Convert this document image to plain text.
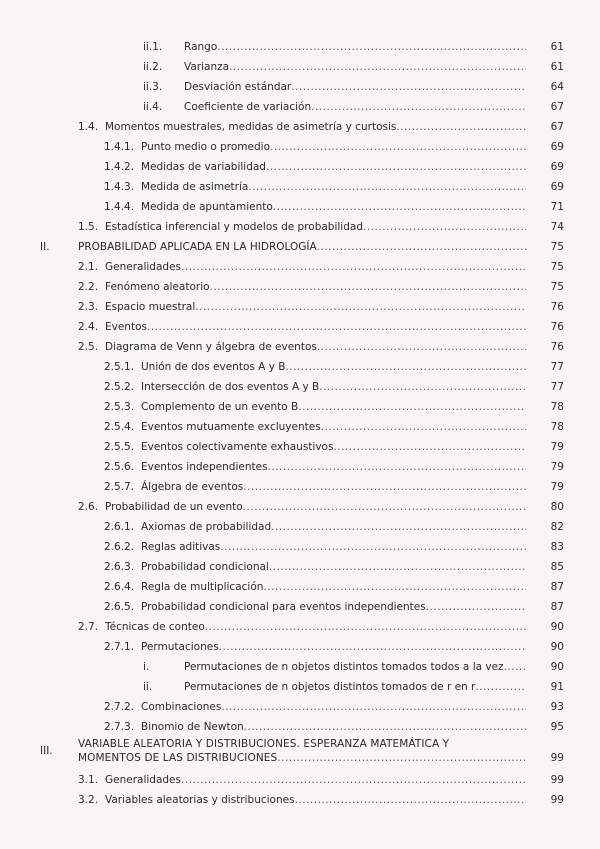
ii.1. Rango .....	61
ii.2. Varianza .....	61
ii.3. Desviación estándar .....	64
ii.4. Coeficiente de variación .....	67
1.4. Momentos muestrales, medidas de asimetría y curtosis .....	67
1.4.1. Punto medio o promedio .....	69
1.4.2. Medidas de variabilidad .....	69
1.4.3. Medida de asimetría .....	69
1.4.4. Medida de apuntamiento .....	71
1.5. Estadística inferencial y modelos de probabilidad .....	74
II.	PROBABILIDAD APLICADA EN LA HIDROLOGÍA .....	75
2.1. Generalidades .....	75
2.2. Fenómeno aleatorio .....	75
2.3. Espacio muestral .....	76
2.4. Eventos .....	76
2.5. Diagrama de Venn y álgebra de eventos .....	76
2.5.1. Unión de dos eventos A y B .....	77
2.5.2. Intersección de dos eventos A y B .....	77
2.5.3. Complemento de un evento B .....	78
2.5.4. Eventos mutuamente excluyentes .....	78
2.5.5. Eventos colectivamente exhaustivos .....	79
2.5.6. Eventos independientes .....	79
2.5.7. Álgebra de eventos .....	79
2.6. Probabilidad de un evento .....	80
2.6.1. Axiomas de probabilidad .....	82
2.6.2. Reglas aditivas .....	83
2.6.3. Probabilidad condicional .....	85
2.6.4. Regla de multiplicación .....	87
2.6.5. Probabilidad condicional para eventos independientes .....	87
2.7. Técnicas de conteo .....	90
2.7.1. Permutaciones .....	90
i.	Permutaciones de n objetos distintos tomados todos a la vez .....	90
ii.	Permutaciones de n objetos distintos tomados de r en r .....	91
2.7.2. Combinaciones .....	93
2.7.3. Binomio de Newton .....	95
III.
VARIABLE ALEATORIA Y DISTRIBUCIONES. ESPERANZA MATEMÁTICA Y
MOMENTOS DE LAS DISTRIBUCIONES .....	99
3.1. Generalidades .....	99
3.2. Variables aleatorias y distribuciones .....	99
